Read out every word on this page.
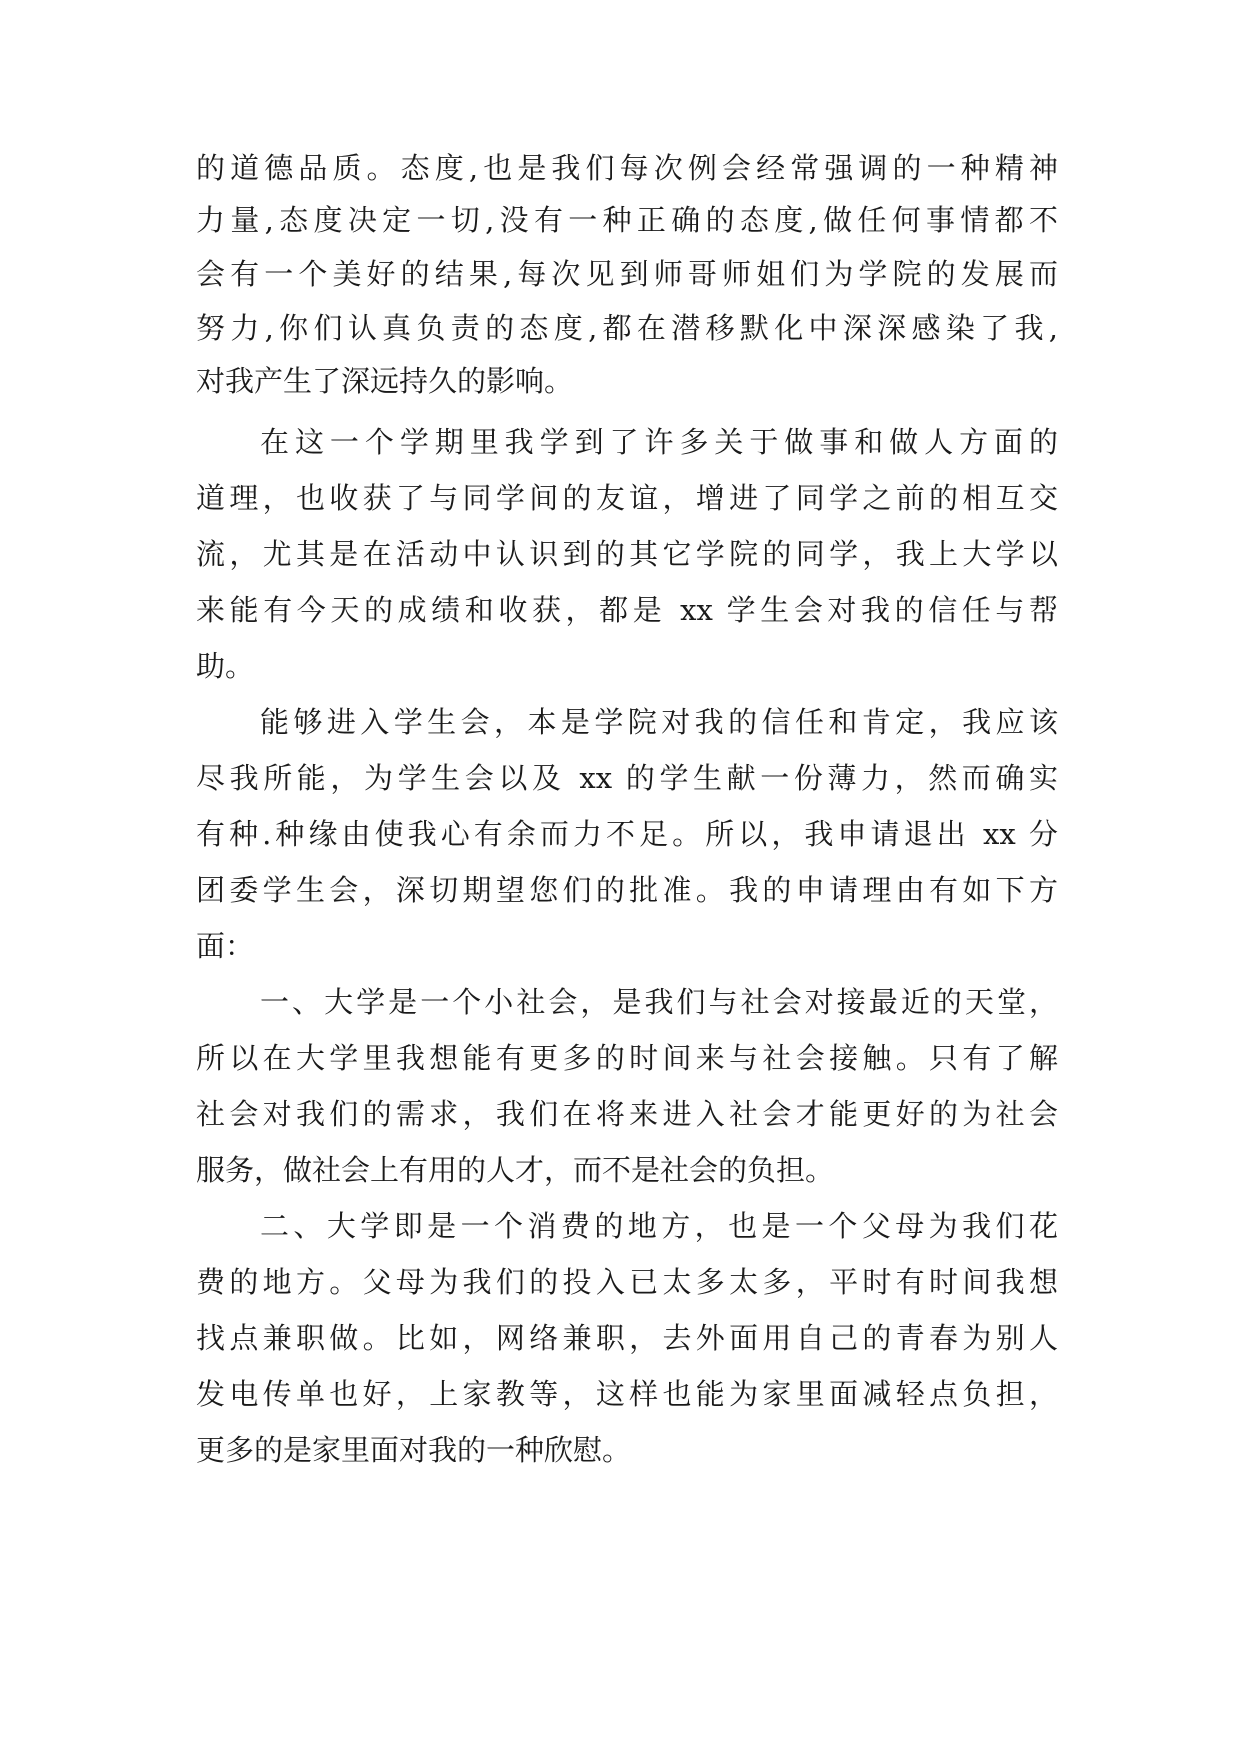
的道德品质。态度,也是我们每次例会经常强调的一种精神

力量,态度决定一切,没有一种正确的态度,做任何事情都不

会有一个美好的结果,每次见到师哥师姐们为学院的发展而

努力,你们认真负责的态度,都在潜移默化中深深感染了我,

对我产生了深远持久的影响。

在这一个学期里我学到了许多关于做事和做人方面的

道理，也收获了与同学间的友谊，增进了同学之前的相互交

流，尤其是在活动中认识到的其它学院的同学，我上大学以

来能有今天的成绩和收获，都是 xx 学生会对我的信任与帮

助。

能够进入学生会，本是学院对我的信任和肯定，我应该

尽我所能，为学生会以及 xx 的学生献一份薄力，然而确实

有种.种缘由使我心有余而力不足。所以，我申请退出 xx 分

团委学生会，深切期望您们的批准。我的申请理由有如下方

面：

一、大学是一个小社会，是我们与社会对接最近的天堂，

所以在大学里我想能有更多的时间来与社会接触。只有了解

社会对我们的需求，我们在将来进入社会才能更好的为社会

服务，做社会上有用的人才，而不是社会的负担。

二、大学即是一个消费的地方，也是一个父母为我们花

费的地方。父母为我们的投入已太多太多，平时有时间我想

找点兼职做。比如，网络兼职，去外面用自己的青春为别人

发电传单也好，上家教等，这样也能为家里面减轻点负担，

更多的是家里面对我的一种欣慰。
